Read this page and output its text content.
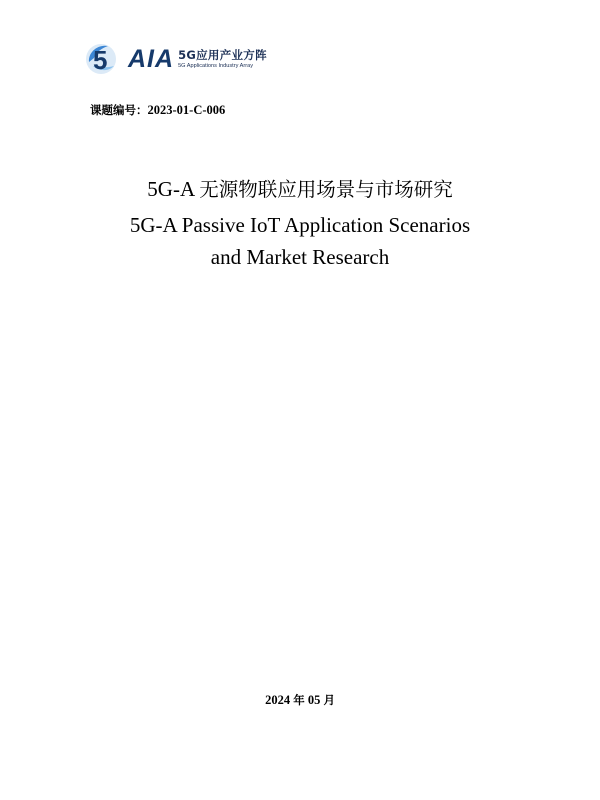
5 AIA 5G应用产业方阵
5G Applications Industry Array
课题编号：2023-01-C-006
5G-A 无源物联应用场景与市场研究
5G-A Passive IoT Application Scenarios
and Market Research
2024 年 05 月
